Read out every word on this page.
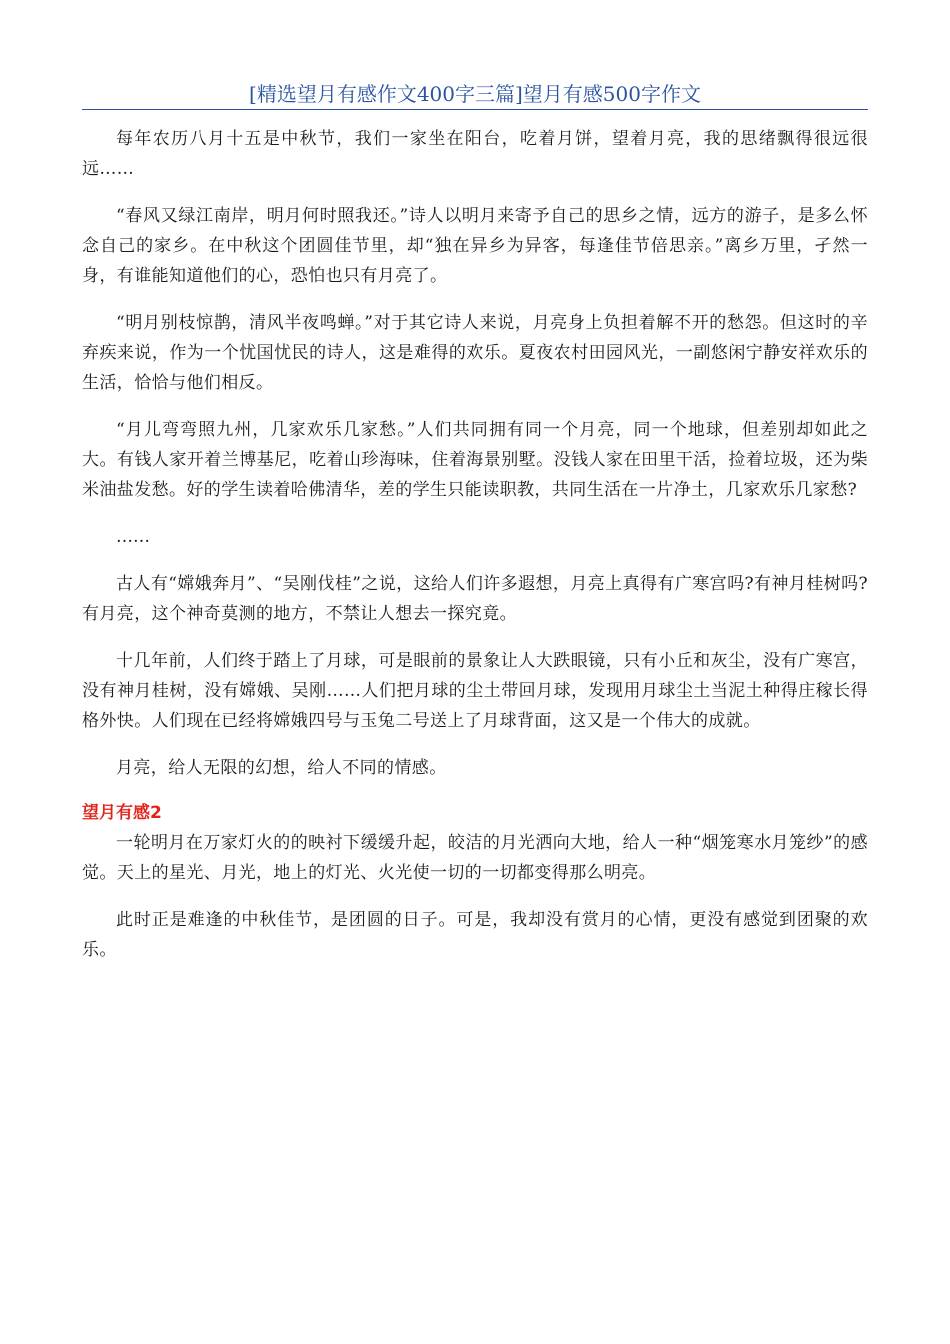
[精选望月有感作文400字三篇]望月有感500字作文

每年农历八月十五是中秋节，我们一家坐在阳台，吃着月饼，望着月亮，我的思绪飘得很远很远……

“春风又绿江南岸，明月何时照我还。”诗人以明月来寄予自己的思乡之情，远方的游子，是多么怀念自己的家乡。在中秋这个团圆佳节里，却“独在异乡为异客，每逢佳节倍思亲。”离乡万里，孑然一身，有谁能知道他们的心，恐怕也只有月亮了。

“明月别枝惊鹊，清风半夜鸣蝉。”对于其它诗人来说，月亮身上负担着解不开的愁怨。但这时的辛弃疾来说，作为一个忧国忧民的诗人，这是难得的欢乐。夏夜农村田园风光，一副悠闲宁静安祥欢乐的生活，恰恰与他们相反。

“月儿弯弯照九州，几家欢乐几家愁。”人们共同拥有同一个月亮，同一个地球，但差别却如此之大。有钱人家开着兰博基尼，吃着山珍海味，住着海景别墅。没钱人家在田里干活，捡着垃圾，还为柴米油盐发愁。好的学生读着哈佛清华，差的学生只能读职教，共同生活在一片净土，几家欢乐几家愁?

……

古人有“嫦娥奔月”、“吴刚伐桂”之说，这给人们许多遐想，月亮上真得有广寒宫吗?有神月桂树吗?有月亮，这个神奇莫测的地方，不禁让人想去一探究竟。

十几年前，人们终于踏上了月球，可是眼前的景象让人大跌眼镜，只有小丘和灰尘，没有广寒宫，没有神月桂树，没有嫦娥、吴刚……人们把月球的尘土带回月球，发现用月球尘土当泥土种得庄稼长得格外快。人们现在已经将嫦娥四号与玉兔二号送上了月球背面，这又是一个伟大的成就。

月亮，给人无限的幻想，给人不同的情感。

望月有感2

一轮明月在万家灯火的的映衬下缓缓升起，皎洁的月光洒向大地，给人一种“烟笼寒水月笼纱”的感觉。天上的星光、月光，地上的灯光、火光使一切的一切都变得那么明亮。

此时正是难逢的中秋佳节，是团圆的日子。可是，我却没有赏月的心情，更没有感觉到团聚的欢乐。
